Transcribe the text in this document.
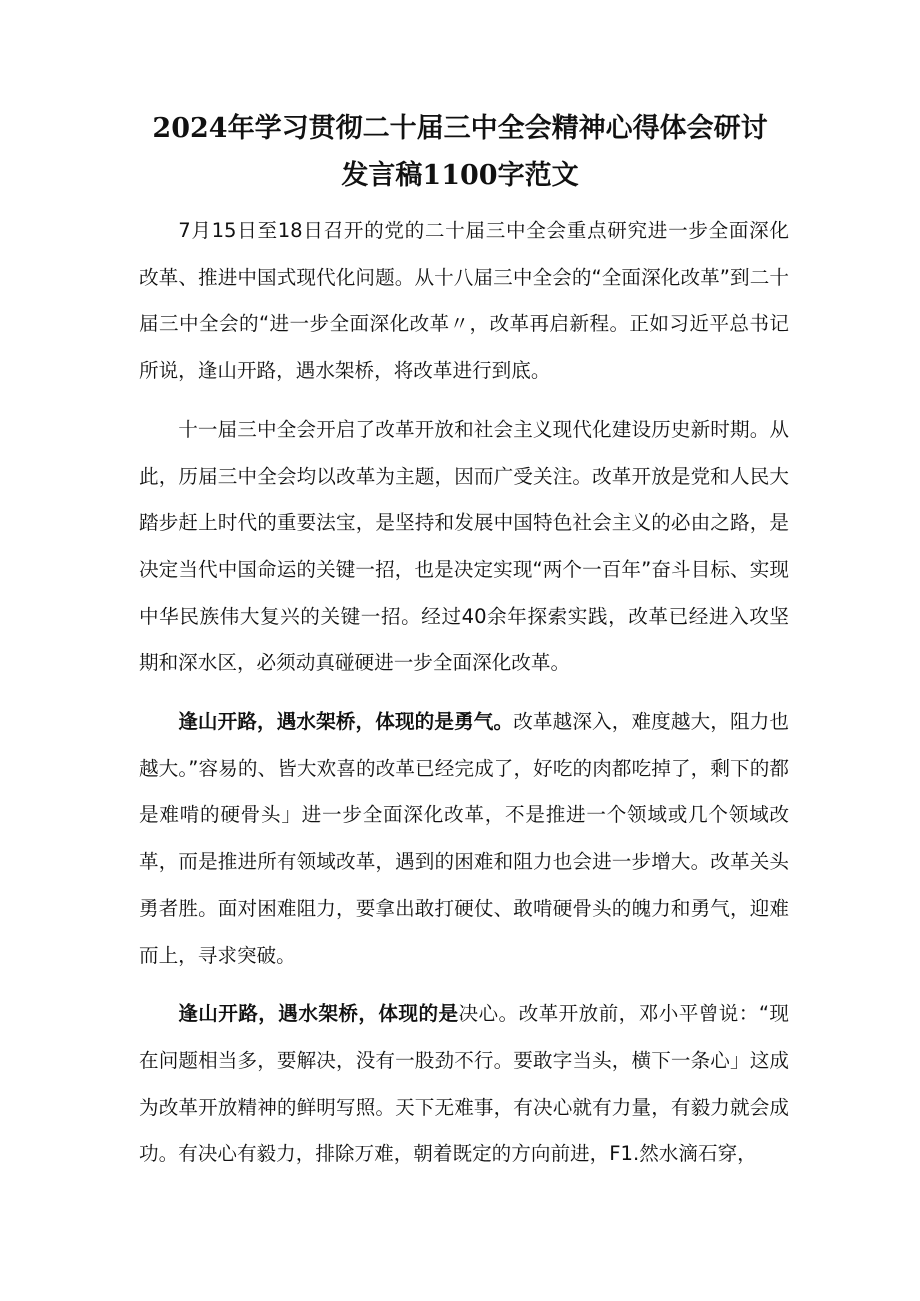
2024年学习贯彻二十届三中全会精神心得体会研讨
发言稿1100字范文

7月15日至18日召开的党的二十届三中全会重点研究进一步全面深化改革、推进中国式现代化问题。从十八届三中全会的“全面深化改革”到二十届三中全会的“进一步全面深化改革〃，改革再启新程。正如习近平总书记所说，逢山开路，遇水架桥，将改革进行到底。

十一届三中全会开启了改革开放和社会主义现代化建设历史新时期。从此，历届三中全会均以改革为主题，因而广受关注。改革开放是党和人民大踏步赶上时代的重要法宝，是坚持和发展中国特色社会主义的必由之路，是决定当代中国命运的关键一招，也是决定实现“两个一百年”奋斗目标、实现中华民族伟大复兴的关键一招。经过40余年探索实践，改革已经进入攻坚期和深水区，必须动真碰硬进一步全面深化改革。

逢山开路，遇水架桥，体现的是勇气。改革越深入，难度越大，阻力也越大。”容易的、皆大欢喜的改革已经完成了，好吃的肉都吃掉了，剩下的都是难啃的硬骨头」进一步全面深化改革，不是推进一个领域或几个领域改革，而是推进所有领域改革，遇到的困难和阻力也会进一步增大。改革关头勇者胜。面对困难阻力，要拿出敢打硬仗、敢啃硬骨头的魄力和勇气，迎难而上，寻求突破。

逢山开路，遇水架桥，体现的是决心。改革开放前，邓小平曾说：“现在问题相当多，要解决，没有一股劲不行。要敢字当头，横下一条心」这成为改革开放精神的鲜明写照。天下无难事，有决心就有力量，有毅力就会成功。有决心有毅力，排除万难，朝着既定的方向前进，F1.然水滴石穿，
